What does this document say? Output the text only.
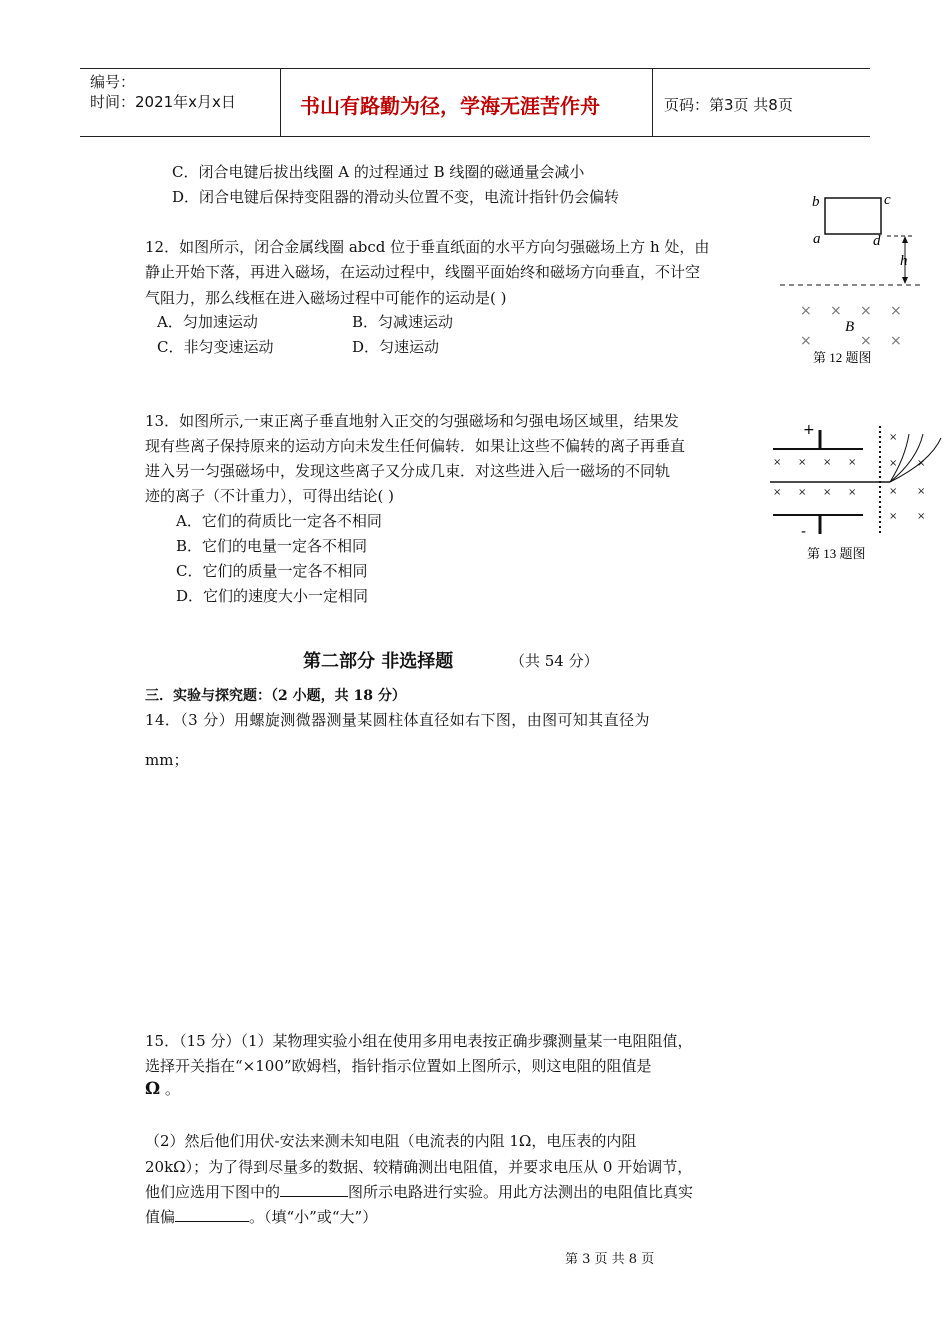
编号：
时间：2021年x月x日	书山有路勤为径，学海无涯苦作舟	页码：第3页 共8页
C．闭合电键后拔出线圈 A 的过程通过 B 线圈的磁通量会减小
D．闭合电键后保持变阻器的滑动头位置不变，电流计指针仍会偏转
12．如图所示，闭合金属线圈 abcd 位于垂直纸面的水平方向匀强磁场上方 h 处，由
静止开始下落，再进入磁场，在运动过程中，线圈平面始终和磁场方向垂直，不计空
气阻力，那么线框在进入磁场过程中可能作的运动是( )
A．匀加速运动	B．匀减速运动
C．非匀变速运动	D．匀速运动
b	c
a	d
h
× × × ×
×	× ×
B
第 12 题图
13．如图所示,一束正离子垂直地射入正交的匀强磁场和匀强电场区域里，结果发
现有些离子保持原来的运动方向未发生任何偏转．如果让这些不偏转的离子再垂直
进入另一匀强磁场中，发现这些离子又分成几束．对这些进入后一磁场的不同轨
迹的离子（不计重力），可得出结论( )
A．它们的荷质比一定各不相同
B．它们的电量一定各不相同
C．它们的质量一定各不相同
D．它们的速度大小一定相同
+
-
× × × ×
× × × ×
×
×
×
×
×
×
×
第 13 题图
第二部分 非选择题	（共 54 分）
三．实验与探究题：（2 小题，共 18 分）
14．（3 分）用螺旋测微器测量某圆柱体直径如右下图，由图可知其直径为
mm；
15．（15 分）（1）某物理实验小组在使用多用电表按正确步骤测量某一电阻阻值，
选择开关指在“×100”欧姆档，指针指示位置如上图所示，则这电阻的阻值是
Ω 。
（2）然后他们用伏-安法来测未知电阻（电流表的内阻 1Ω，电压表的内阻
20kΩ）；为了得到尽量多的数据、较精确测出电阻值，并要求电压从 0 开始调节，
他们应选用下图中的	图所示电路进行实验。用此方法测出的电阻值比真实
值偏	。（填“小”或“大”）
第 3 页 共 8 页
